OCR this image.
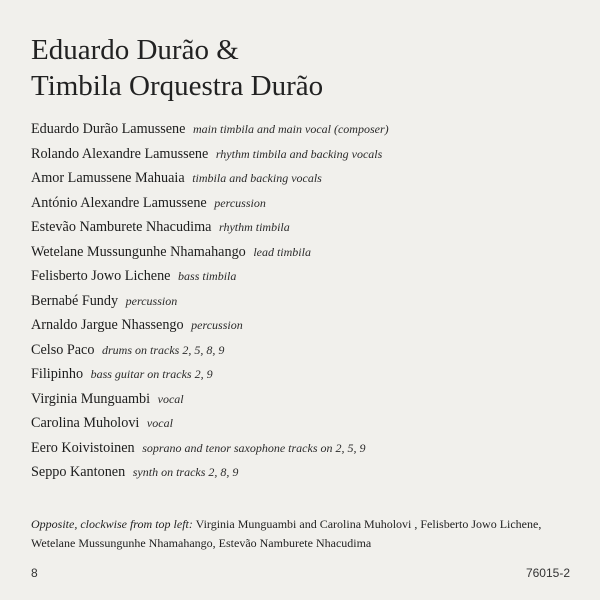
Eduardo Durão &
Timbila Orquestra Durão
Eduardo Durão Lamussene main timbila and main vocal (composer)
Rolando Alexandre Lamussene rhythm timbila and backing vocals
Amor Lamussene Mahuaia timbila and backing vocals
António Alexandre Lamussene percussion
Estevão Namburete Nhacudima rhythm timbila
Wetelane Mussungunhe Nhamahango lead timbila
Felisberto Jowo Lichene bass timbila
Bernabé Fundy percussion
Arnaldo Jargue Nhassengo percussion
Celso Paco drums on tracks 2, 5, 8, 9
Filipinho bass guitar on tracks 2, 9
Virginia Munguambi vocal
Carolina Muholovi vocal
Eero Koivistoinen soprano and tenor saxophone tracks on 2, 5, 9
Seppo Kantonen synth on tracks 2, 8, 9
Opposite, clockwise from top left: Virginia Munguambi and Carolina Muholovi , Felisberto Jowo Lichene, Wetelane Mussungunhe Nhamahango, Estevão Namburete Nhacudima
8	76015-2
